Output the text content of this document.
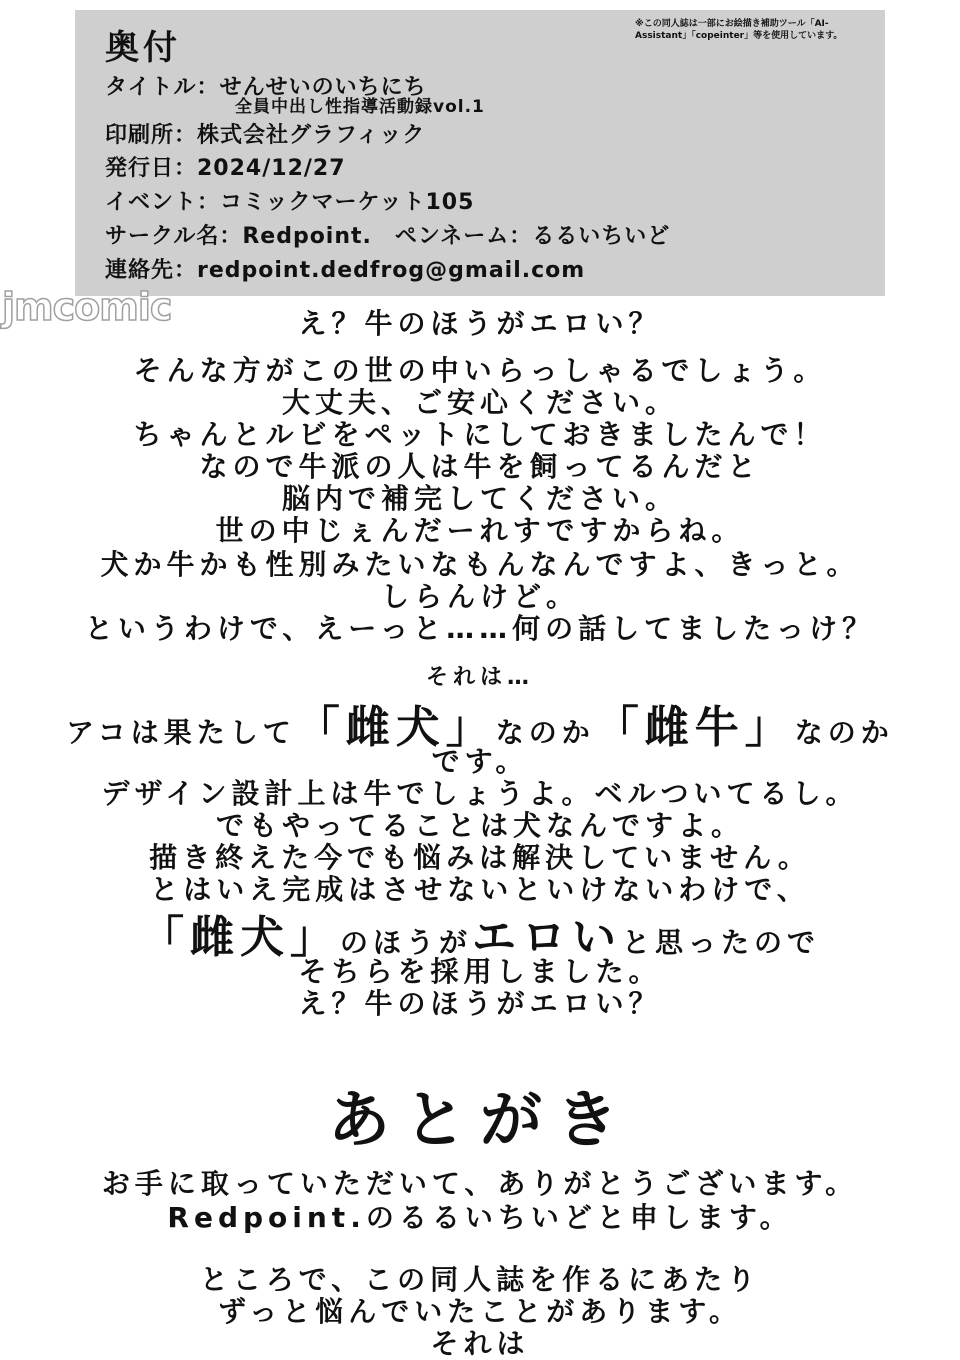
奥付
※この同人誌は一部にお絵描き補助ツール「AI-Assistant」「copeinter」等を使用しています。
タイトル：せんせいのいちにち
全員中出し性指導活動録vol.1
印刷所：株式会社グラフィック
発行日：2024/12/27
イベント：コミックマーケット105
サークル名：Redpoint.　ペンネーム：るるいちいど
連絡先：redpoint.dedfrog@gmail.com
jmcomic	え？牛のほうがエロい？
そんな方がこの世の中いらっしゃるでしょう。
大丈夫、ご安心ください。
ちゃんとルビをペットにしておきましたんで！
なので牛派の人は牛を飼ってるんだと
脳内で補完してください。
世の中じぇんだーれすですからね。
犬か牛かも性別みたいなもんなんですよ、きっと。
しらんけど。
というわけで、えーっと……何の話してましたっけ？
それは…
アコは果たして「雌犬」なのか「雌牛」なのか
です。
デザイン設計上は牛でしょうよ。ベルついてるし。
でもやってることは犬なんですよ。
描き終えた今でも悩みは解決していません。
とはいえ完成はさせないといけないわけで、
「雌犬」のほうがエロいと思ったので
そちらを採用しました。
え？牛のほうがエロい？
あとがき
お手に取っていただいて、ありがとうございます。
Redpoint.のるるいちいどと申します。
ところで、この同人誌を作るにあたり
ずっと悩んでいたことがあります。
それは
